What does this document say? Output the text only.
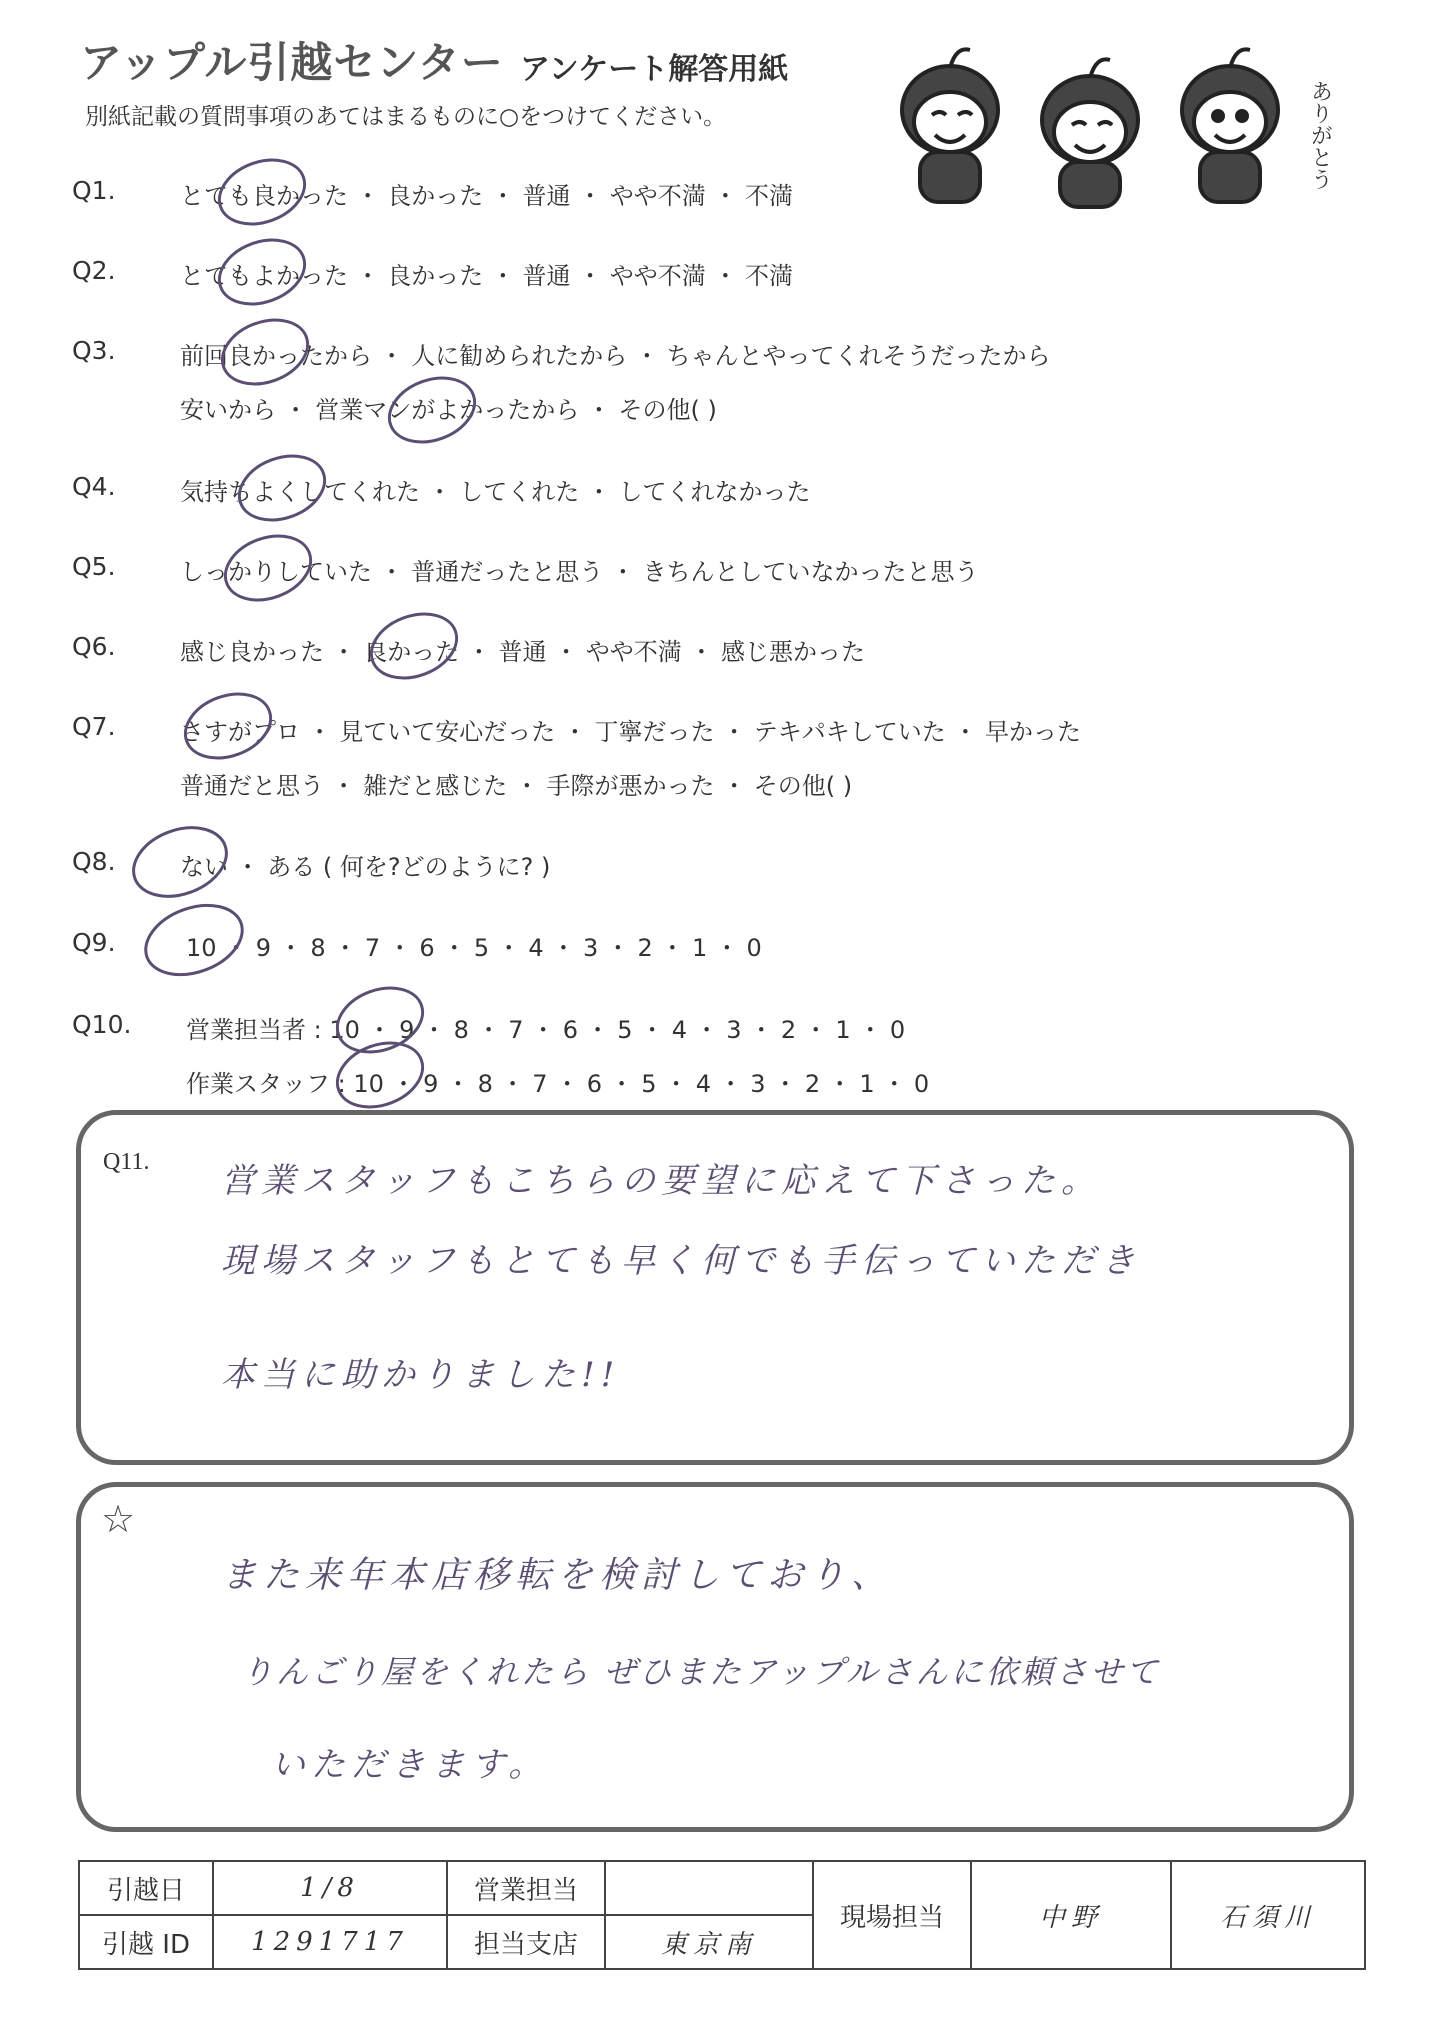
アップル引越センター アンケート解答用紙
別紙記載の質問事項のあてはまるものに○をつけてください。	ありがとう
Q1.	とても良かった ・ 良かった ・ 普通 ・ やや不満 ・ 不満
Q2.	とてもよかった ・ 良かった ・ 普通 ・ やや不満 ・ 不満
Q3.	前回良かったから ・ 人に勧められたから ・ ちゃんとやってくれそうだったから
安いから ・ 営業マンがよかったから ・ その他( )
Q4.	気持ちよくしてくれた ・ してくれた ・ してくれなかった
Q5.	しっかりしていた ・ 普通だったと思う ・ きちんとしていなかったと思う
Q6.	感じ良かった ・ 良かった ・ 普通 ・ やや不満 ・ 感じ悪かった
Q7.	さすがプロ ・ 見ていて安心だった ・ 丁寧だった ・ テキパキしていた ・ 早かった
普通だと思う ・ 雑だと感じた ・ 手際が悪かった ・ その他( )
Q8.	ない ・ ある ( 何を?どのように? )
Q9.	10 ・ 9 ・ 8 ・ 7 ・ 6 ・ 5 ・ 4 ・ 3 ・ 2 ・ 1 ・ 0
Q10. 営業担当者 : 10 ・ 9 ・ 8 ・ 7 ・ 6 ・ 5 ・ 4 ・ 3 ・ 2 ・ 1 ・ 0
作業スタッフ : 10 ・ 9 ・ 8 ・ 7 ・ 6 ・ 5 ・ 4 ・ 3 ・ 2 ・ 1 ・ 0
Q11. 営業スタッフもこちらの要望に応えて下さった。
現場スタッフもとても早く何でも手伝っていただき
本当に助かりました!!
☆
また来年本店移転を検討しており、
りんごり屋をくれたら ぜひまたアップルさんに依頼させて
いただきます。
引越日	1/8	営業担当		現場担当	中野	石須川
引越 ID	1291717	担当支店	東京南			
